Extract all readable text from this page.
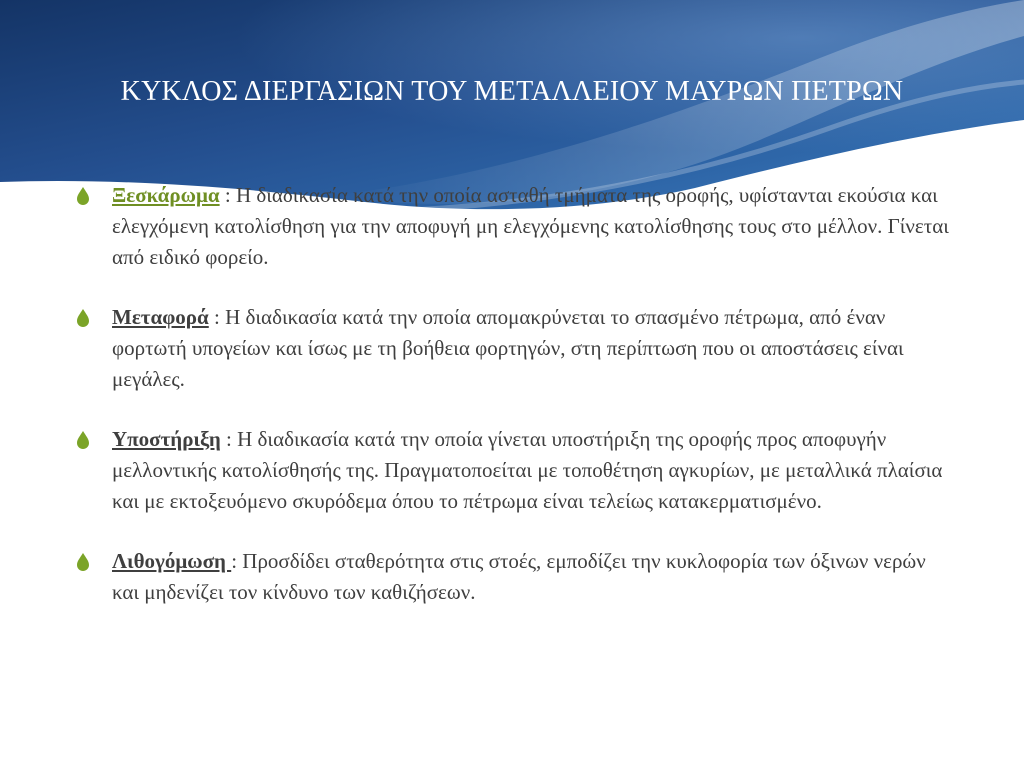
ΚΥΚΛΟΣ ΔΙΕΡΓΑΣΙΩΝ ΤΟΥ ΜΕΤΑΛΛΕΙΟΥ ΜΑΥΡΩΝ ΠΕΤΡΩΝ
Ξεσκάρωμα : Η διαδικασία κατά την οποία ασταθή τμήματα της οροφής, υφίστανται εκούσια και ελεγχόμενη κατολίσθηση για την αποφυγή μη ελεγχόμενης κατολίσθησης τους στο μέλλον. Γίνεται από ειδικό φορείο.
Μεταφορά : Η διαδικασία κατά την οποία απομακρύνεται το σπασμένο πέτρωμα, από έναν φορτωτή υπογείων και ίσως με τη βοήθεια φορτηγών, στη περίπτωση που οι αποστάσεις είναι μεγάλες.
Υποστήριξη : Η διαδικασία κατά την οποία γίνεται υποστήριξη της οροφής προς αποφυγήν μελλοντικής κατολίσθησής της. Πραγματοποείται με τοποθέτηση αγκυρίων, με μεταλλικά πλαίσια και με εκτοξευόμενο σκυρόδεμα όπου το πέτρωμα είναι τελείως κατακερματισμένο.
Λιθογόμωση : Προσδίδει σταθερότητα στις στοές, εμποδίζει την κυκλοφορία των όξινων νερών και μηδενίζει τον κίνδυνο των καθιζήσεων.
